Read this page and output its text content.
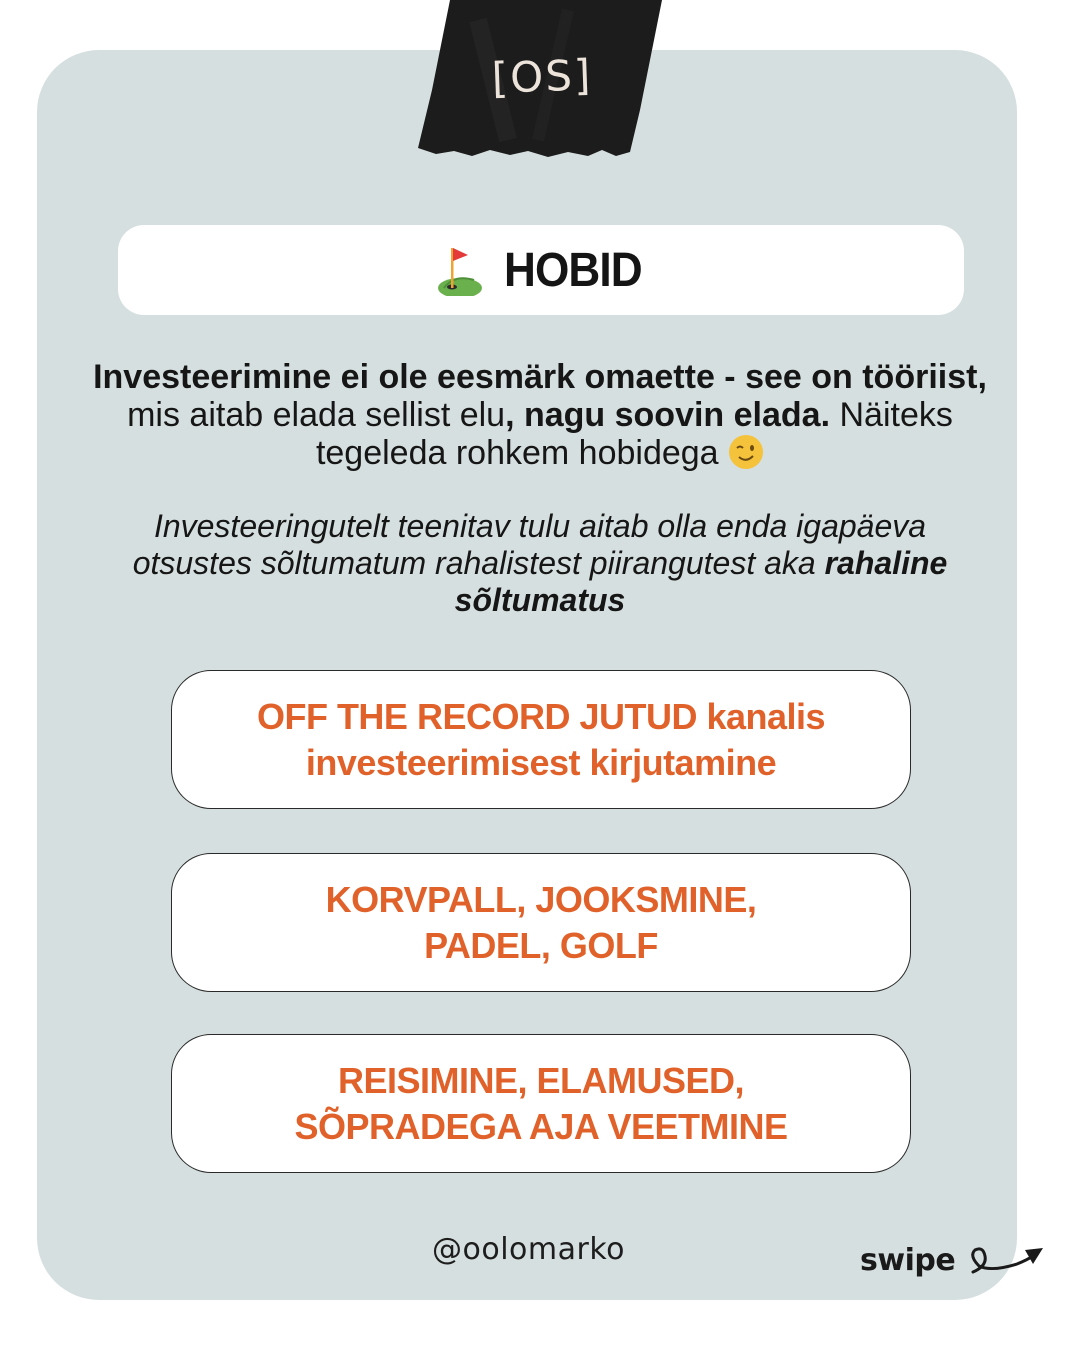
[OS]
HOBID
Investeerimine ei ole eesmärk omaette - see on tööriist, mis aitab elada sellist elu, nagu soovin elada. Näiteks tegeleda rohkem hobidega
Investeeringutelt teenitav tulu aitab olla enda igapäeva otsustes sõltumatum rahalistest piirangutest aka rahaline sõltumatus
OFF THE RECORD JUTUD kanalis
investeerimisest kirjutamine
KORVPALL, JOOKSMINE,
PADEL, GOLF
REISIMINE, ELAMUSED,
SÕPRADEGA AJA VEETMINE
@oolomarko	swipe
